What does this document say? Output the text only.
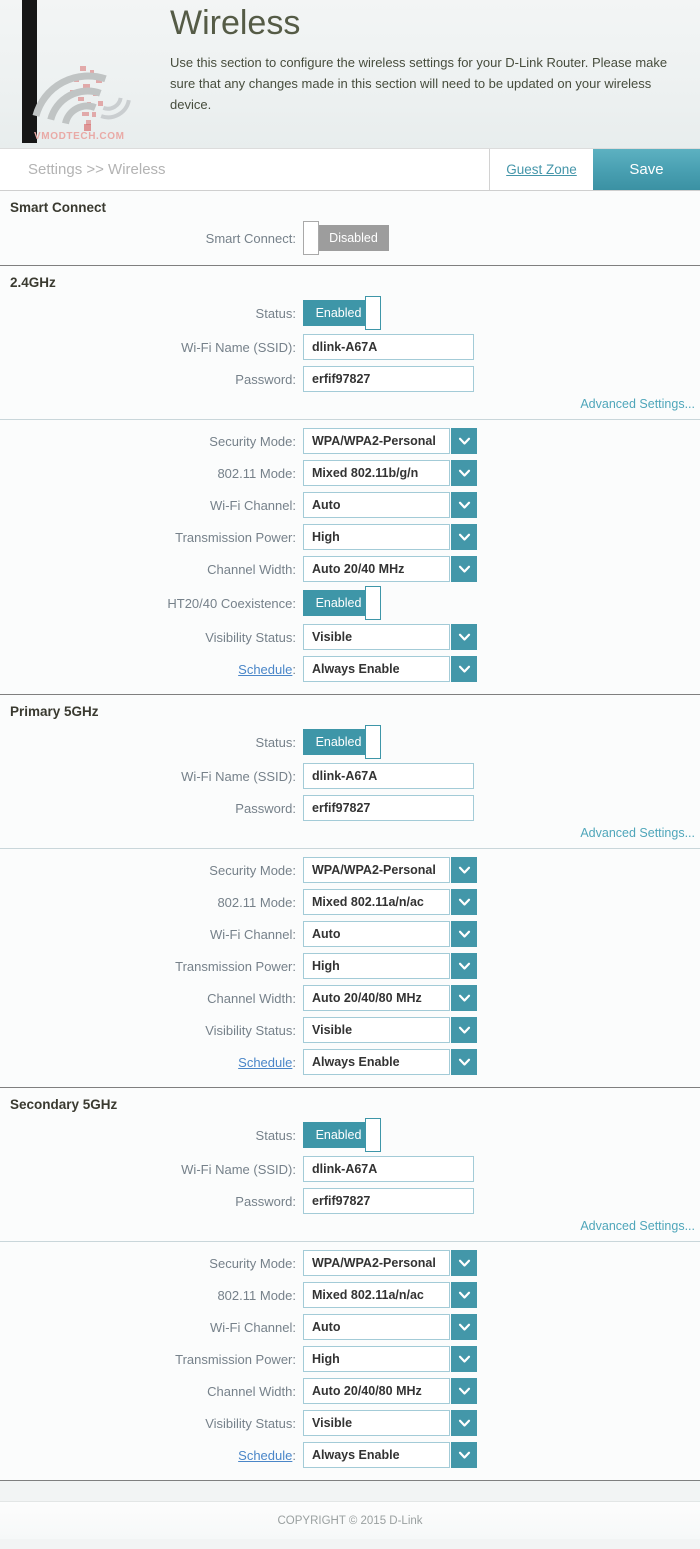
VMODTECH.COM
Wireless

Use this section to configure the wireless settings for your D-Link Router. Please make sure that any changes made in this section will need to be updated on your wireless device.

Settings >> Wireless	Guest Zone	Save
Smart Connect
Smart Connect:	Disabled
2.4GHz
Status:	Enabled
Wi-Fi Name (SSID):
dlink-A67A
Password:
erfif97827
Advanced Settings...
Security Mode:	WPA/WPA2-Personal
802.11 Mode:	Mixed 802.11b/g/n
Wi-Fi Channel:	Auto
Transmission Power:	High
Channel Width:	Auto 20/40 MHz
HT20/40 Coexistence:	Enabled
Visibility Status:	Visible
Schedule:	Always Enable
Primary 5GHz
Status:	Enabled
Wi-Fi Name (SSID):
dlink-A67A
Password:
erfif97827
Advanced Settings...
Security Mode:	WPA/WPA2-Personal
802.11 Mode:	Mixed 802.11a/n/ac
Wi-Fi Channel:	Auto
Transmission Power:	High
Channel Width:	Auto 20/40/80 MHz
Visibility Status:	Visible
Schedule:	Always Enable
Secondary 5GHz
Status:	Enabled
Wi-Fi Name (SSID):
dlink-A67A
Password:
erfif97827
Advanced Settings...
Security Mode:	WPA/WPA2-Personal
802.11 Mode:	Mixed 802.11a/n/ac
Wi-Fi Channel:	Auto
Transmission Power:	High
Channel Width:	Auto 20/40/80 MHz
Visibility Status:	Visible
Schedule:	Always Enable
COPYRIGHT © 2015 D-Link
